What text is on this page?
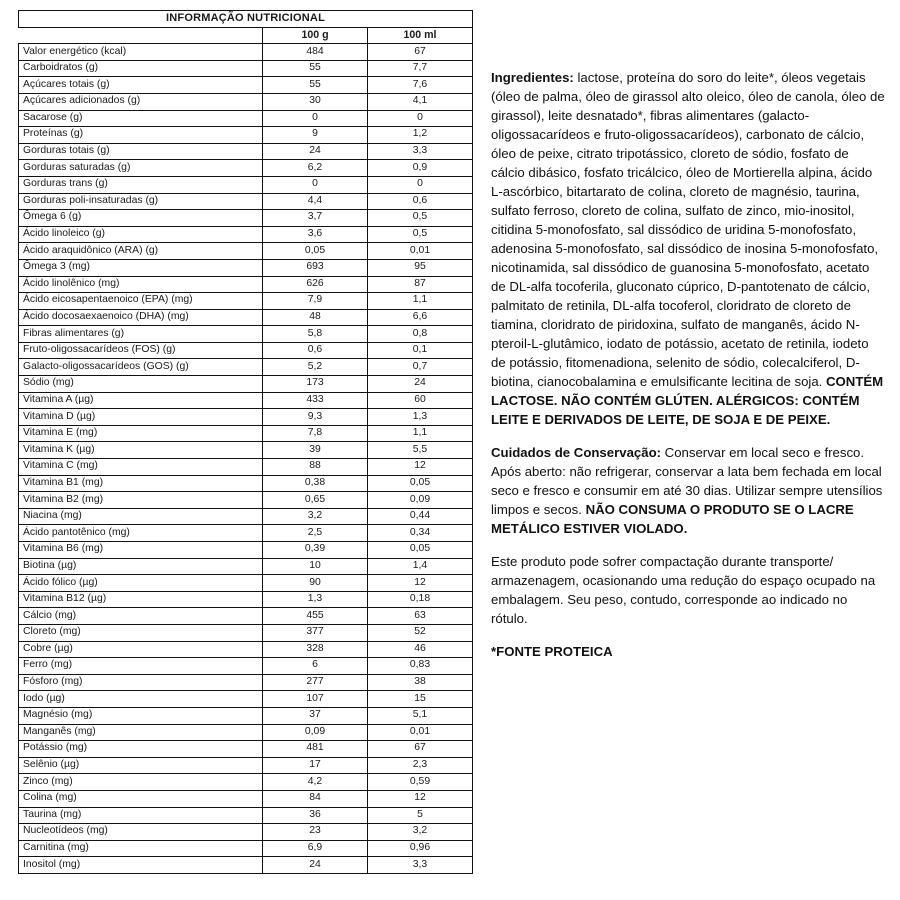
INFORMAÇÃO NUTRICIONAL		
	100 g	100 ml
Valor energético (kcal)	484	67
Carboidratos (g)	55	7,7
Açúcares totais (g)	55	7,6
Açúcares adicionados (g)	30	4,1
Sacarose (g)	0	0
Proteínas (g)	9	1,2
Gorduras totais (g)	24	3,3
Gorduras saturadas (g)	6,2	0,9
Gorduras trans (g)	0	0
Gorduras poli-insaturadas (g)	4,4	0,6
Ômega 6 (g)	3,7	0,5
Ácido linoleico (g)	3,6	0,5
Ácido araquidônico (ARA) (g)	0,05	0,01
Ômega 3 (mg)	693	95
Ácido linolênico (mg)	626	87
Ácido eicosapentaenoico (EPA) (mg)	7,9	1,1
Ácido docosaexaenoico (DHA) (mg)	48	6,6
Fibras alimentares (g)	5,8	0,8
Fruto-oligossacarídeos (FOS) (g)	0,6	0,1
Galacto-oligossacarídeos (GOS) (g)	5,2	0,7
Sódio (mg)	173	24
Vitamina A (µg)	433	60
Vitamina D (µg)	9,3	1,3
Vitamina E (mg)	7,8	1,1
Vitamina K (µg)	39	5,5
Vitamina C (mg)	88	12
Vitamina B1 (mg)	0,38	0,05
Vitamina B2 (mg)	0,65	0,09
Niacina (mg)	3,2	0,44
Ácido pantotênico (mg)	2,5	0,34
Vitamina B6 (mg)	0,39	0,05
Biotina (µg)	10	1,4
Ácido fólico (µg)	90	12
Vitamina B12 (µg)	1,3	0,18
Cálcio (mg)	455	63
Cloreto (mg)	377	52
Cobre (µg)	328	46
Ferro (mg)	6	0,83
Fósforo (mg)	277	38
Iodo (µg)	107	15
Magnésio (mg)	37	5,1
Manganês (mg)	0,09	0,01
Potássio (mg)	481	67
Selênio (µg)	17	2,3
Zinco (mg)	4,2	0,59
Colina (mg)	84	12
Taurina (mg)	36	5
Nucleotídeos (mg)	23	3,2
Carnitina (mg)	6,9	0,96
Inositol (mg)	24	3,3

Ingredientes: lactose, proteína do soro do leite*, óleos vegetais (óleo de palma, óleo de girassol alto oleico, óleo de canola, óleo de girassol), leite desnatado*, fibras alimentares (galacto-oligossacarídeos e fruto-oligossacarídeos), carbonato de cálcio, óleo de peixe, citrato tripotássico, cloreto de sódio, fosfato de cálcio dibásico, fosfato tricálcico, óleo de Mortierella alpina, ácido L-ascórbico, bitartarato de colina, cloreto de magnésio, taurina, sulfato ferroso, cloreto de colina, sulfato de zinco, mio-inositol, citidina 5-monofosfato, sal dissódico de uridina 5-monofosfato, adenosina 5-monofosfato, sal dissódico de inosina 5-monofosfato, nicotinamida, sal dissódico de guanosina 5-monofosfato, acetato de DL-alfa tocoferila, gluconato cúprico, D-pantotenato de cálcio, palmitato de retinila, DL-alfa tocoferol, cloridrato de cloreto de tiamina, cloridrato de piridoxina, sulfato de manganês, ácido N-pteroil-L-glutâmico, iodato de potássio, acetato de retinila, iodeto de potássio, fitomenadiona, selenito de sódio, colecalciferol, D-biotina, cianocobalamina e emulsificante lecitina de soja. CONTÉM LACTOSE. NÃO CONTÉM GLÚTEN. ALÉRGICOS: CONTÉM LEITE E DERIVADOS DE LEITE, DE SOJA E DE PEIXE.

Cuidados de Conservação: Conservar em local seco e fresco. Após aberto: não refrigerar, conservar a lata bem fechada em local seco e fresco e consumir em até 30 dias. Utilizar sempre utensílios limpos e secos. NÃO CONSUMA O PRODUTO SE O LACRE METÁLICO ESTIVER VIOLADO.

Este produto pode sofrer compactação durante transporte/ armazenagem, ocasionando uma redução do espaço ocupado na embalagem. Seu peso, contudo, corresponde ao indicado no rótulo.

*FONTE PROTEICA
